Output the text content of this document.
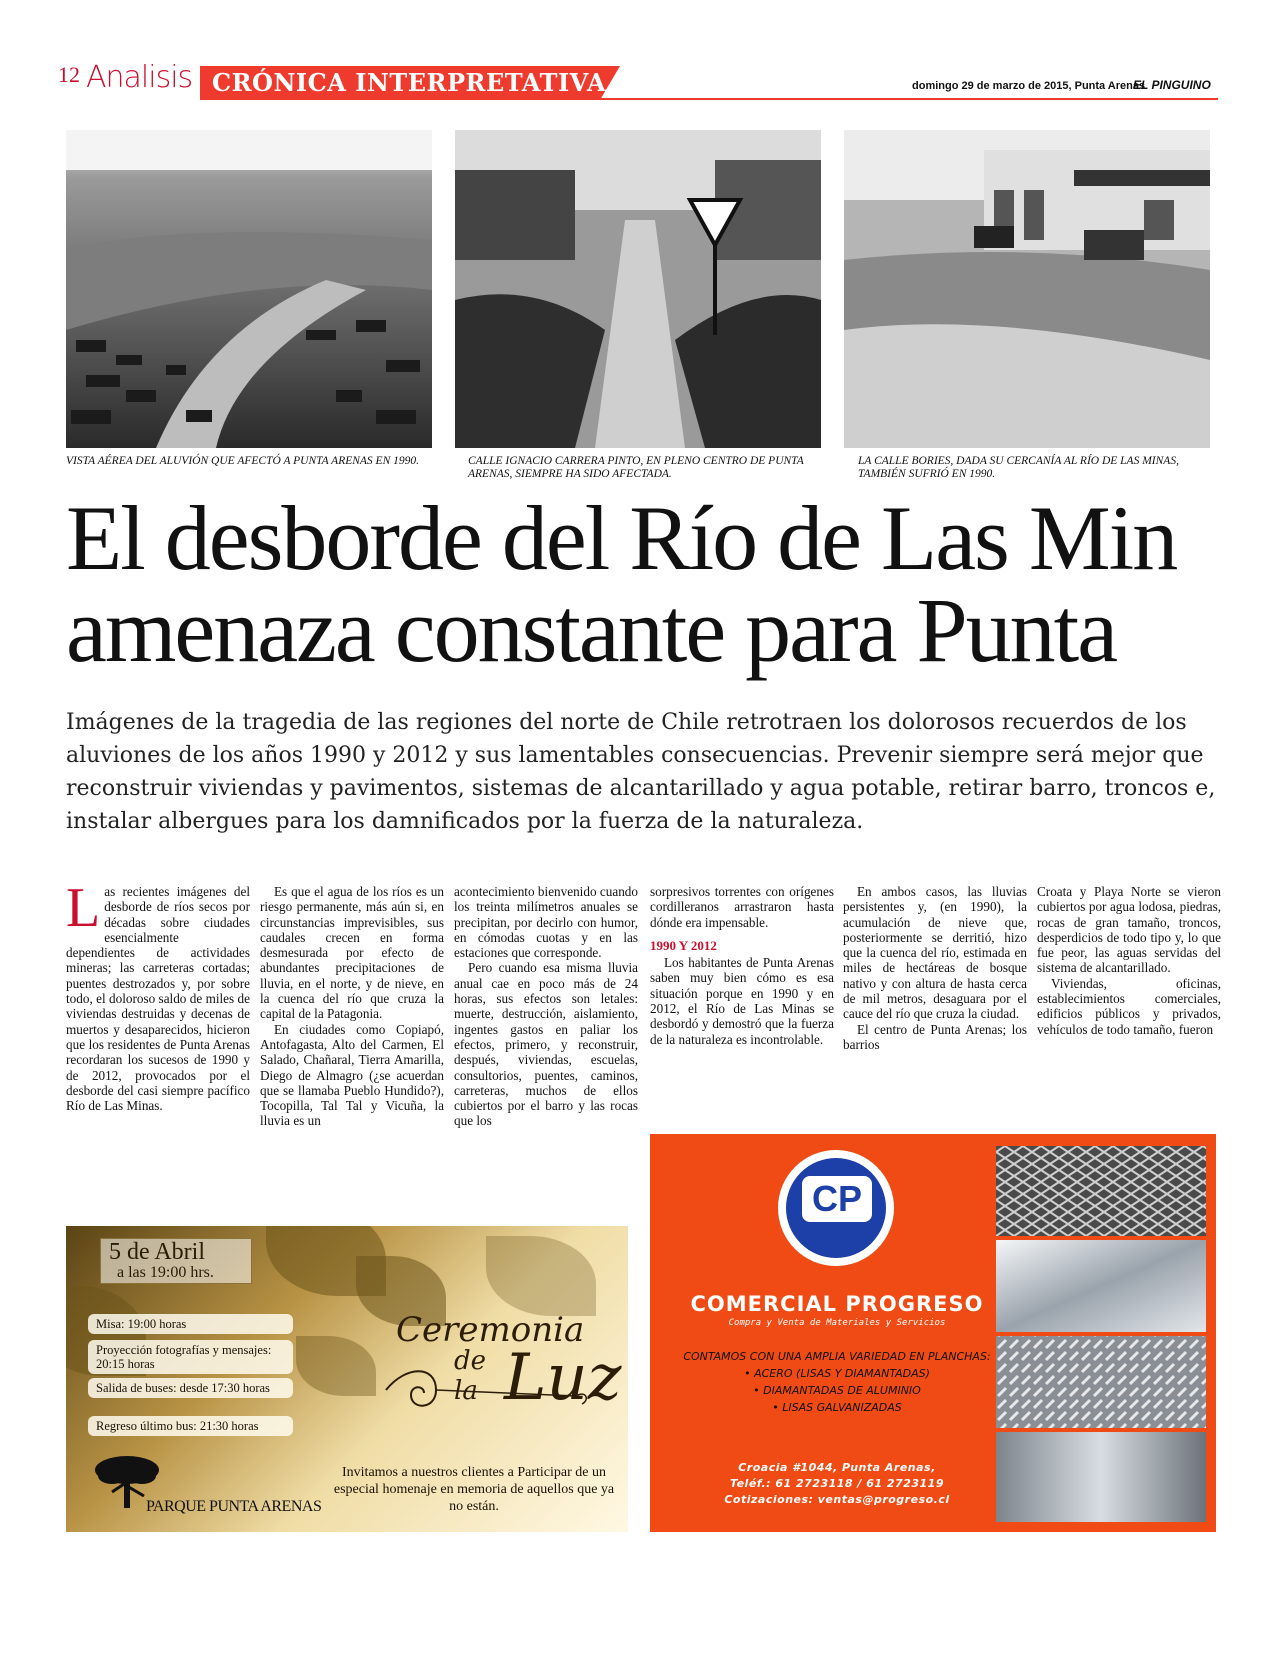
12 Analisis CRÓNICA INTERPRETATIVA	domingo 29 de marzo de 2015, Punta Arenas
EL PINGUINO
VISTA AÉREA DEL ALUVIÓN QUE AFECTÓ A PUNTA ARENAS EN 1990.	CALLE IGNACIO CARRERA PINTO, EN PLENO CENTRO DE PUNTA ARENAS, SIEMPRE HA SIDO AFECTADA.
LA CALLE BORIES, DADA SU CERCANÍA AL RÍO DE LAS MINAS, TAMBIÉN SUFRIÓ EN 1990.
El desborde del Río de Las Min
amenaza constante para Punta
Imágenes de la tragedia de las regiones del norte de Chile retrotraen los dolorosos recuerdos de los aluviones de los años 1990 y 2012 y sus lamentables consecuencias. Prevenir siempre será mejor que reconstruir viviendas y pavimentos, sistemas de alcantarillado y agua potable, retirar barro, troncos e, instalar albergues para los damnificados por la fuerza de la naturaleza.
L as recientes imágenes del desborde de ríos secos por décadas sobre ciudades esencialmente dependientes de actividades mineras; las carreteras cortadas; puentes destrozados y, por sobre todo, el doloroso saldo de miles de viviendas destruidas y decenas de muertos y desaparecidos, hicieron que los residentes de Punta Arenas recordaran los sucesos de 1990 y de 2012, provocados por el desborde del casi siempre pacífico Río de Las Minas.

Es que el agua de los ríos es un riesgo permanente, más aún si, en circunstancias imprevisibles, sus caudales crecen en forma desmesurada por efecto de abundantes precipitaciones de lluvia, en el norte, y de nieve, en la cuenca del río que cruza la capital de la Patagonia.

En ciudades como Copiapó, Antofagasta, Alto del Carmen, El Salado, Chañaral, Tierra Amarilla, Diego de Almagro (¿se acuerdan que se llamaba Pueblo Hundido?), Tocopilla, Tal Tal y Vicuña, la lluvia es un

acontecimiento bienvenido cuando los treinta milímetros anuales se precipitan, por decirlo con humor, en cómodas cuotas y en las estaciones que corresponde.

Pero cuando esa misma lluvia anual cae en poco más de 24 horas, sus efectos son letales: muerte, destrucción, aislamiento, ingentes gastos en paliar los efectos, primero, y reconstruir, después, viviendas, escuelas, consultorios, puentes, caminos, carreteras, muchos de ellos cubiertos por el barro y las rocas que los

sorpresivos torrentes con orígenes cordilleranos arrastraron hasta dónde era impensable.

1990 Y 2012

Los habitantes de Punta Arenas saben muy bien cómo es esa situación porque en 1990 y en 2012, el Río de Las Minas se desbordó y demostró que la fuerza de la naturaleza es incontrolable.

En ambos casos, las lluvias persistentes y, (en 1990), la acumulación de nieve que, posteriormente se derritió, hizo que la cuenca del río, estimada en miles de hectáreas de bosque nativo y con altura de hasta cerca de mil metros, desaguara por el cauce del río que cruza la ciudad.

El centro de Punta Arenas; los barrios

Croata y Playa Norte se vieron cubiertos por agua lodosa, piedras, rocas de gran tamaño, troncos, desperdicios de todo tipo y, lo que fue peor, las aguas servidas del sistema de alcantarillado.

Viviendas, oficinas, establecimientos comerciales, edificios públicos y privados, vehículos de todo tamaño, fueron

5 de Abril
a las 19:00 hrs.
Misa: 19:00 horas
Proyección fotografías y mensajes: 20:15 horas
Salida de buses: desde 17:30 horas
Regreso último bus: 21:30 horas
Ceremonia
de la Luz
Invitamos a nuestros clientes a Participar de un especial homenaje en memoria de aquellos que ya no están.
PARQUE PUNTA ARENAS
CP
COMERCIAL PROGRESO
Compra y Venta de Materiales y Servicios
CONTAMOS CON UNA AMPLIA VARIEDAD EN PLANCHAS:
• ACERO (LISAS Y DIAMANTADAS)
• DIAMANTADAS DE ALUMINIO
• LISAS GALVANIZADAS
Croacia #1044, Punta Arenas,
Teléf.: 61 2723118 / 61 2723119
Cotizaciones: ventas@progreso.cl
